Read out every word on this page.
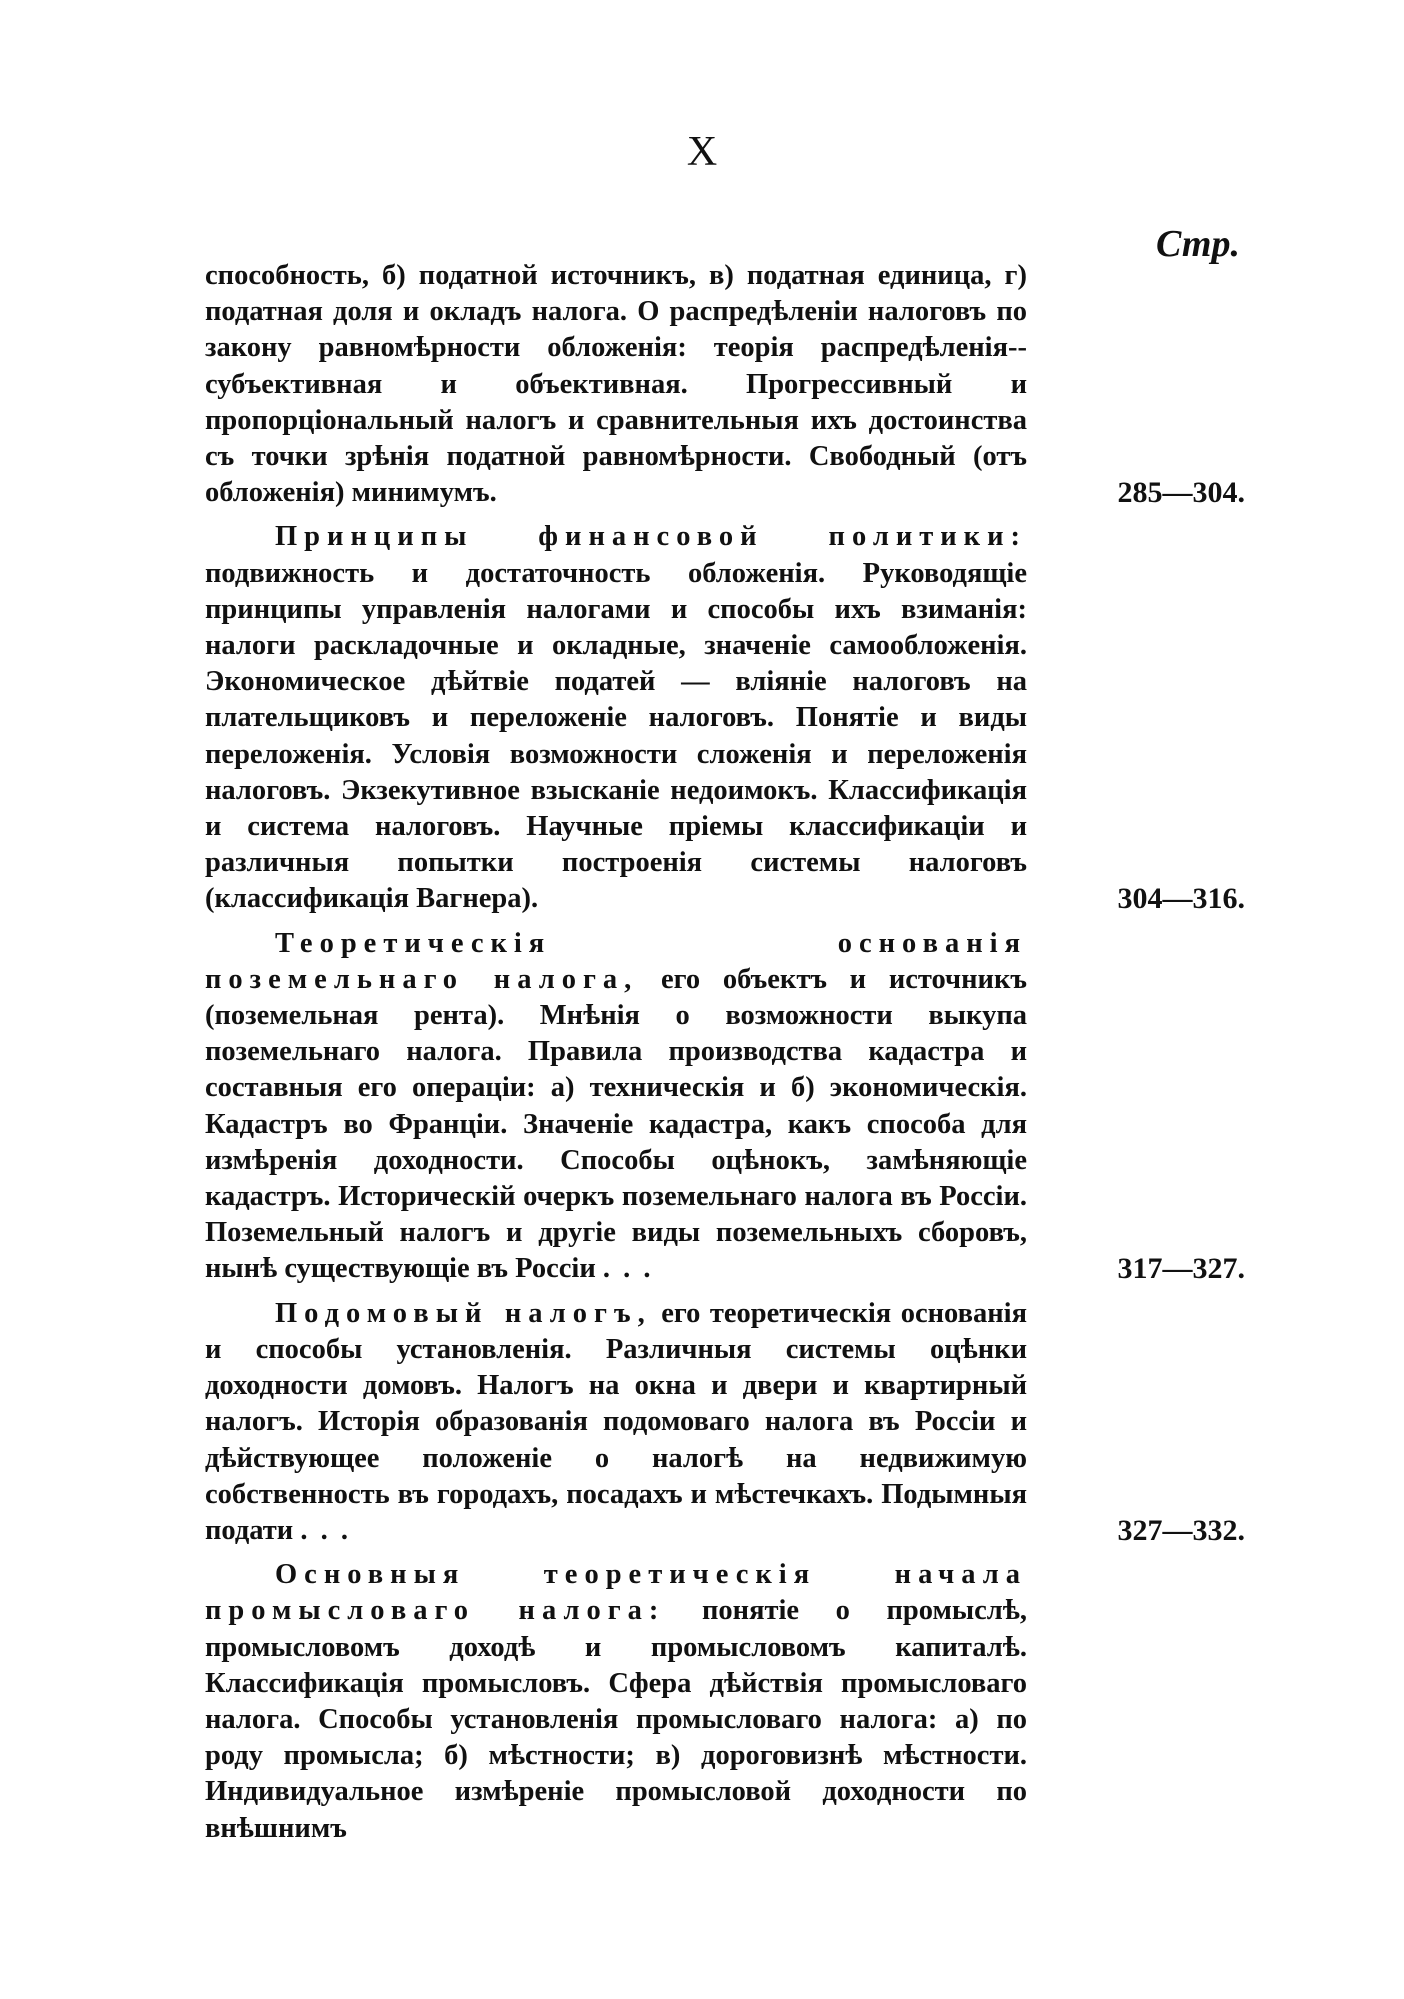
X
Стр.
способность, б) податной источникъ, в) податная единица, г) податная доля и окладъ налога. О распредѣленіи налоговъ по закону равномѣрности обложенія: теорія распредѣленія--субъективная и объективная. Прогрессивный и пропорціональный налогъ и сравнительныя ихъ достоинства съ точки зрѣнія податной равномѣрности. Свободный (отъ обложенія) минимумъ.	285—304.
Принципы финансовой политики: подвижность и достаточность обложенія. Руководящіе принципы управленія налогами и способы ихъ взиманія: налоги раскладочные и окладные, значеніе самообложенія. Экономическое дѣйтвіе податей — вліяніе налоговъ на плательщиковъ и переложеніе налоговъ. Понятіе и виды переложенія. Условія возможности сложенія и переложенія налоговъ. Экзекутивное взысканіе недоимокъ. Классификація и система налоговъ. Научные пріемы классификаціи и различныя попытки построенія системы налоговъ (классификація Вагнера).	304—316.
Теоретическія основанія поземельнаго налога, его объектъ и источникъ (поземельная рента). Мнѣнія о возможности выкупа поземельнаго налога. Правила производства кадастра и составныя его операціи: а) техническія и б) экономическія. Кадастръ во Франціи. Значеніе кадастра, какъ способа для измѣренія доходности. Способы оцѣнокъ, замѣняющіе кадастръ. Историческій очеркъ поземельнаго налога въ Россіи. Поземельный налогъ и другіе виды поземельныхъ сборовъ, нынѣ существующіе въ Россіи . . .	317—327.
Подомовый налогъ, его теоретическія основанія и способы установленія. Различныя системы оцѣнки доходности домовъ. Налогъ на окна и двери и квартирный налогъ. Исторія образованія подомоваго налога въ Россіи и дѣйствующее положеніе о налогѣ на недвижимую собственность въ городахъ, посадахъ и мѣстечкахъ. Подымныя подати . . .	327—332.
Основныя теоретическія начала промысловаго налога: понятіе о промыслѣ, промысловомъ доходѣ и промысловомъ капиталѣ. Классификація промысловъ. Сфера дѣйствія промысловаго налога. Способы установленія промысловаго налога: а) по роду промысла; б) мѣстности; в) дороговизнѣ мѣстности. Индивидуальное измѣреніе промысловой доходности по внѣшнимъ
